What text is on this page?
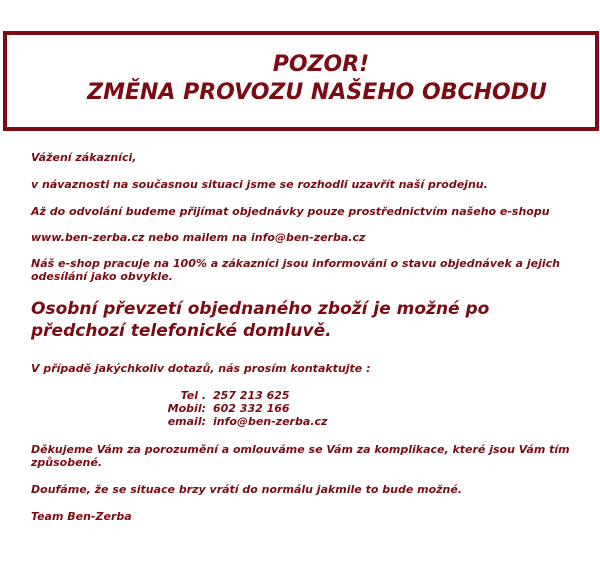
POZOR!
ZMĚNA PROVOZU NAŠEHO OBCHODU

Vážení zákazníci,

v návaznosti na současnou situaci jsme se rozhodli uzavřít naší prodejnu.

Až do odvolání budeme přijímat objednávky pouze prostřednictvím našeho e-shopu

www.ben-zerba.cz nebo mailem na info@ben-zerba.cz

Náš e-shop pracuje na 100% a zákazníci jsou informováni o stavu objednávek a jejich odesílání jako obvykle.

Osobní převzetí objednaného zboží je možné po předchozí telefonické domluvě.

V případě jakýchkoliv dotazů, nás prosím kontaktujte :

Tel . 257 213 625
Mobil: 602 332 166
email: info@ben-zerba.cz

Děkujeme Vám za porozumění a omlouváme se Vám za komplikace, které jsou Vám tím způsobené.

Doufáme, že se situace brzy vrátí do normálu jakmile to bude možné.

Team Ben-Zerba
